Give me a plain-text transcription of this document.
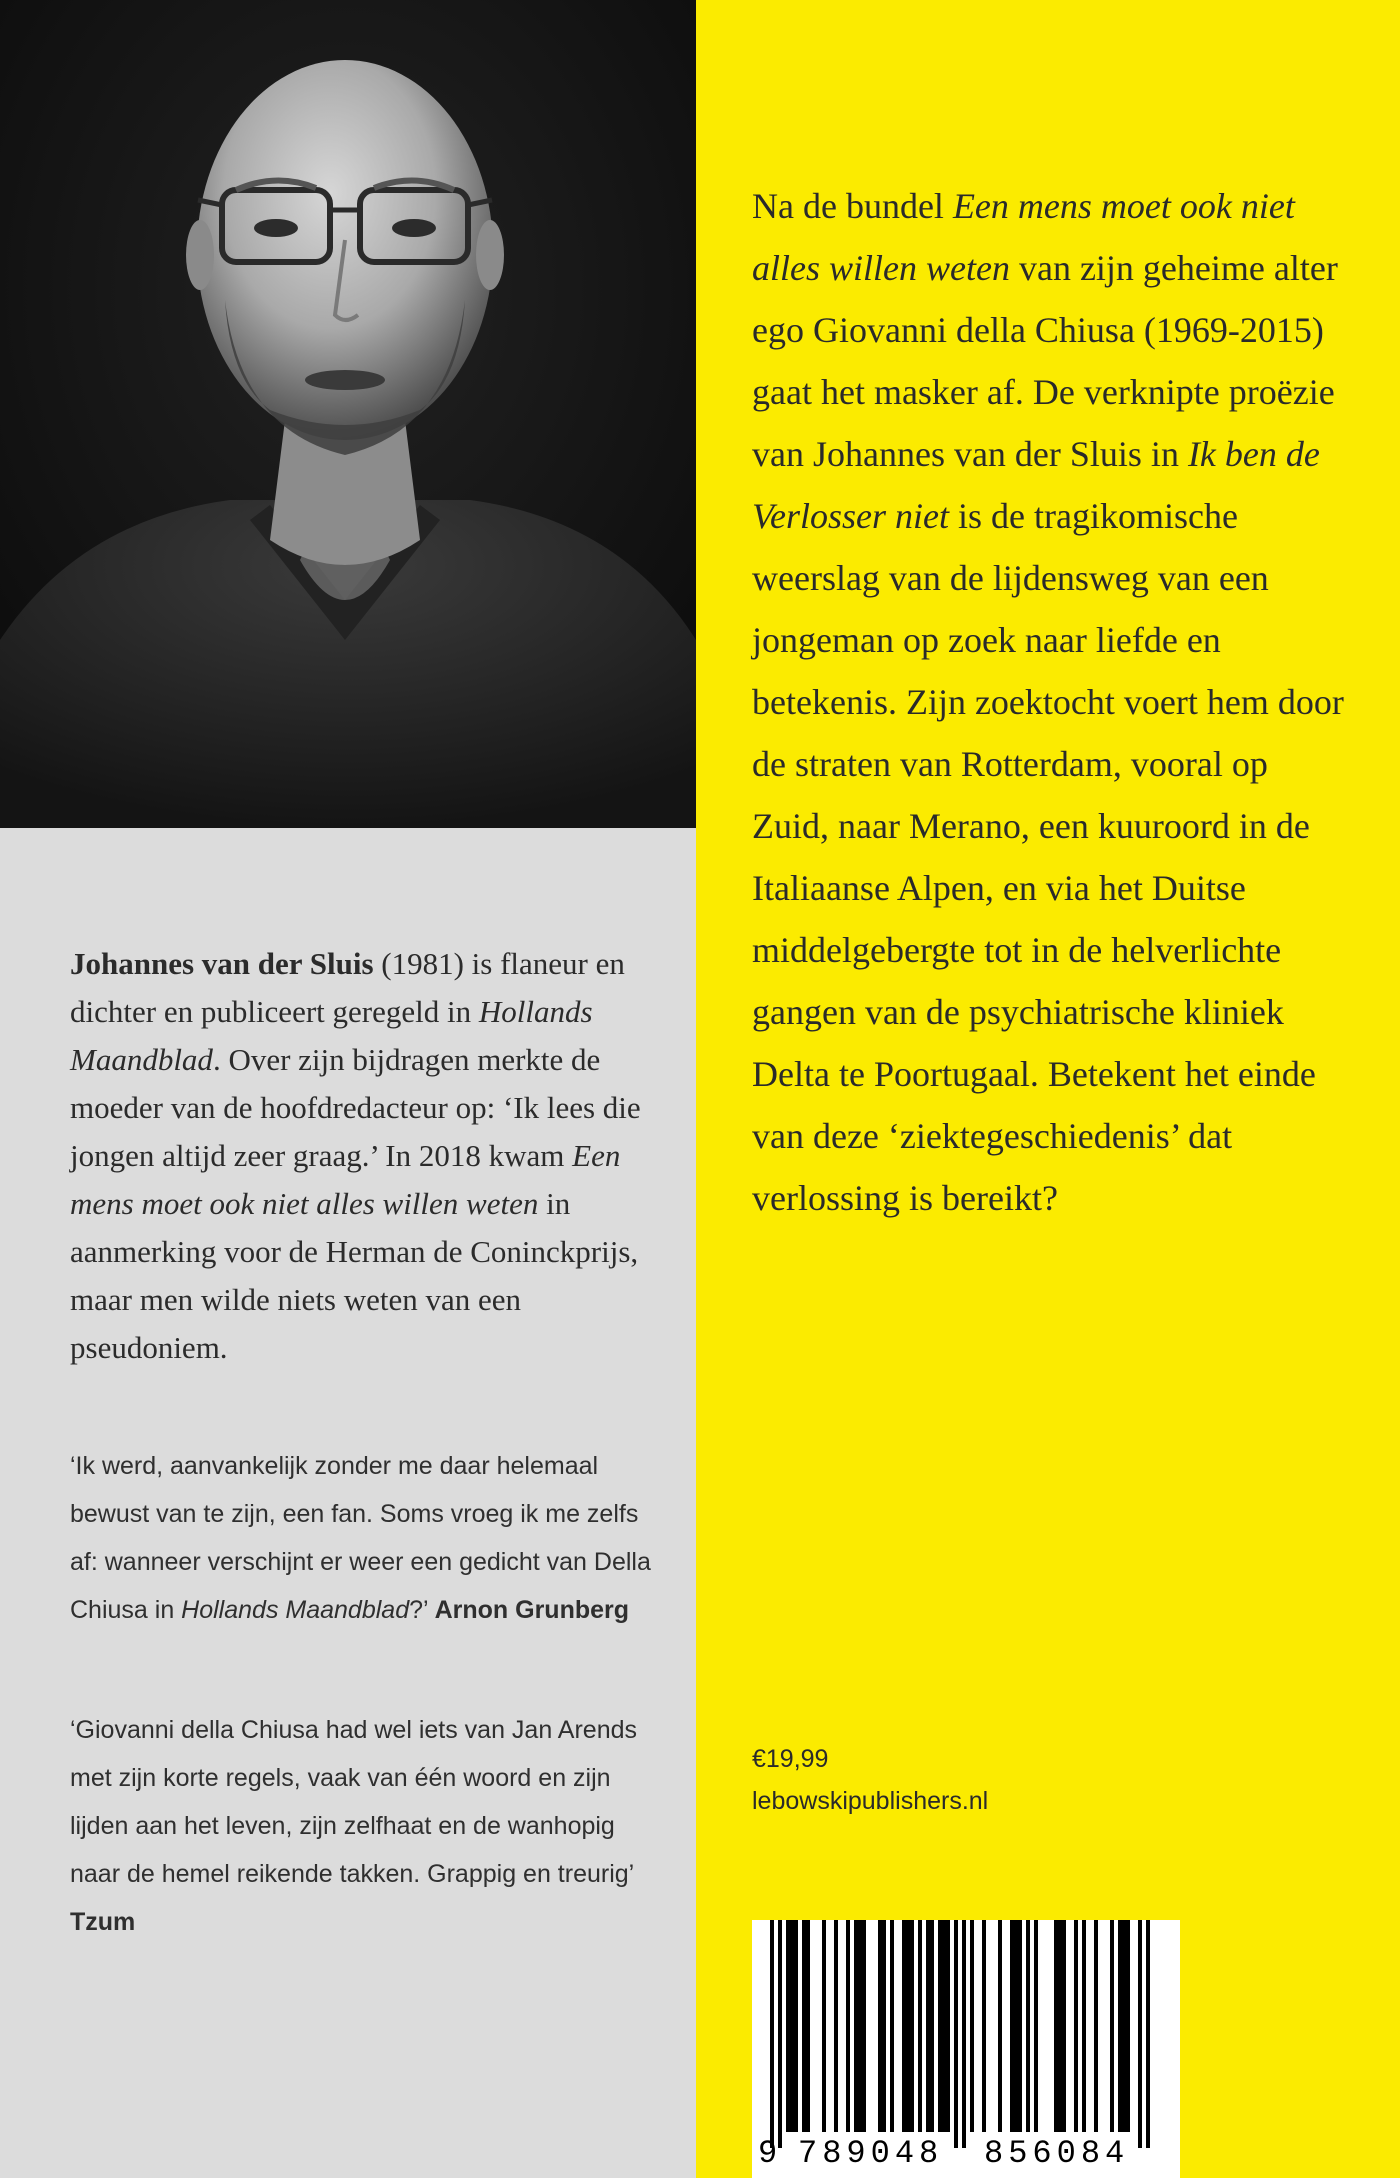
Johannes van der Sluis (1981) is flaneur en dichter en publiceert geregeld in Hollands Maandblad. Over zijn bijdragen merkte de moeder van de hoofdredacteur op: ‘Ik lees die jongen altijd zeer graag.’ In 2018 kwam Een mens moet ook niet alles willen weten in aanmerking voor de Herman de Coninckprijs, maar men wilde niets weten van een pseudoniem.
‘Ik werd, aanvankelijk zonder me daar helemaal bewust van te zijn, een fan. Soms vroeg ik me zelfs af: wanneer verschijnt er weer een gedicht van Della Chiusa in Hollands Maandblad?’ Arnon Grunberg
‘Giovanni della Chiusa had wel iets van Jan Arends met zijn korte regels, vaak van één woord en zijn lijden aan het leven, zijn zelfhaat en de wanhopig naar de hemel reikende takken. Grappig en treurig’ Tzum
Na de bundel Een mens moet ook niet alles willen weten van zijn geheime alter ego Giovanni della Chiusa (1969-2015) gaat het masker af. De verknipte proëzie van Johannes van der Sluis in Ik ben de Verlosser niet is de tragikomische weerslag van de lijdensweg van een jongeman op zoek naar liefde en betekenis. Zijn zoektocht voert hem door de straten van Rotterdam, vooral op Zuid, naar Merano, een kuuroord in de Italiaanse Alpen, en via het Duitse middelgebergte tot in de helverlichte gangen van de psychiatrische kliniek Delta te Poortugaal. Betekent het einde van deze ‘ziektegeschiedenis’ dat verlossing is bereikt?
€19,99
lebowskipublishers.nl

9

789048

856084
